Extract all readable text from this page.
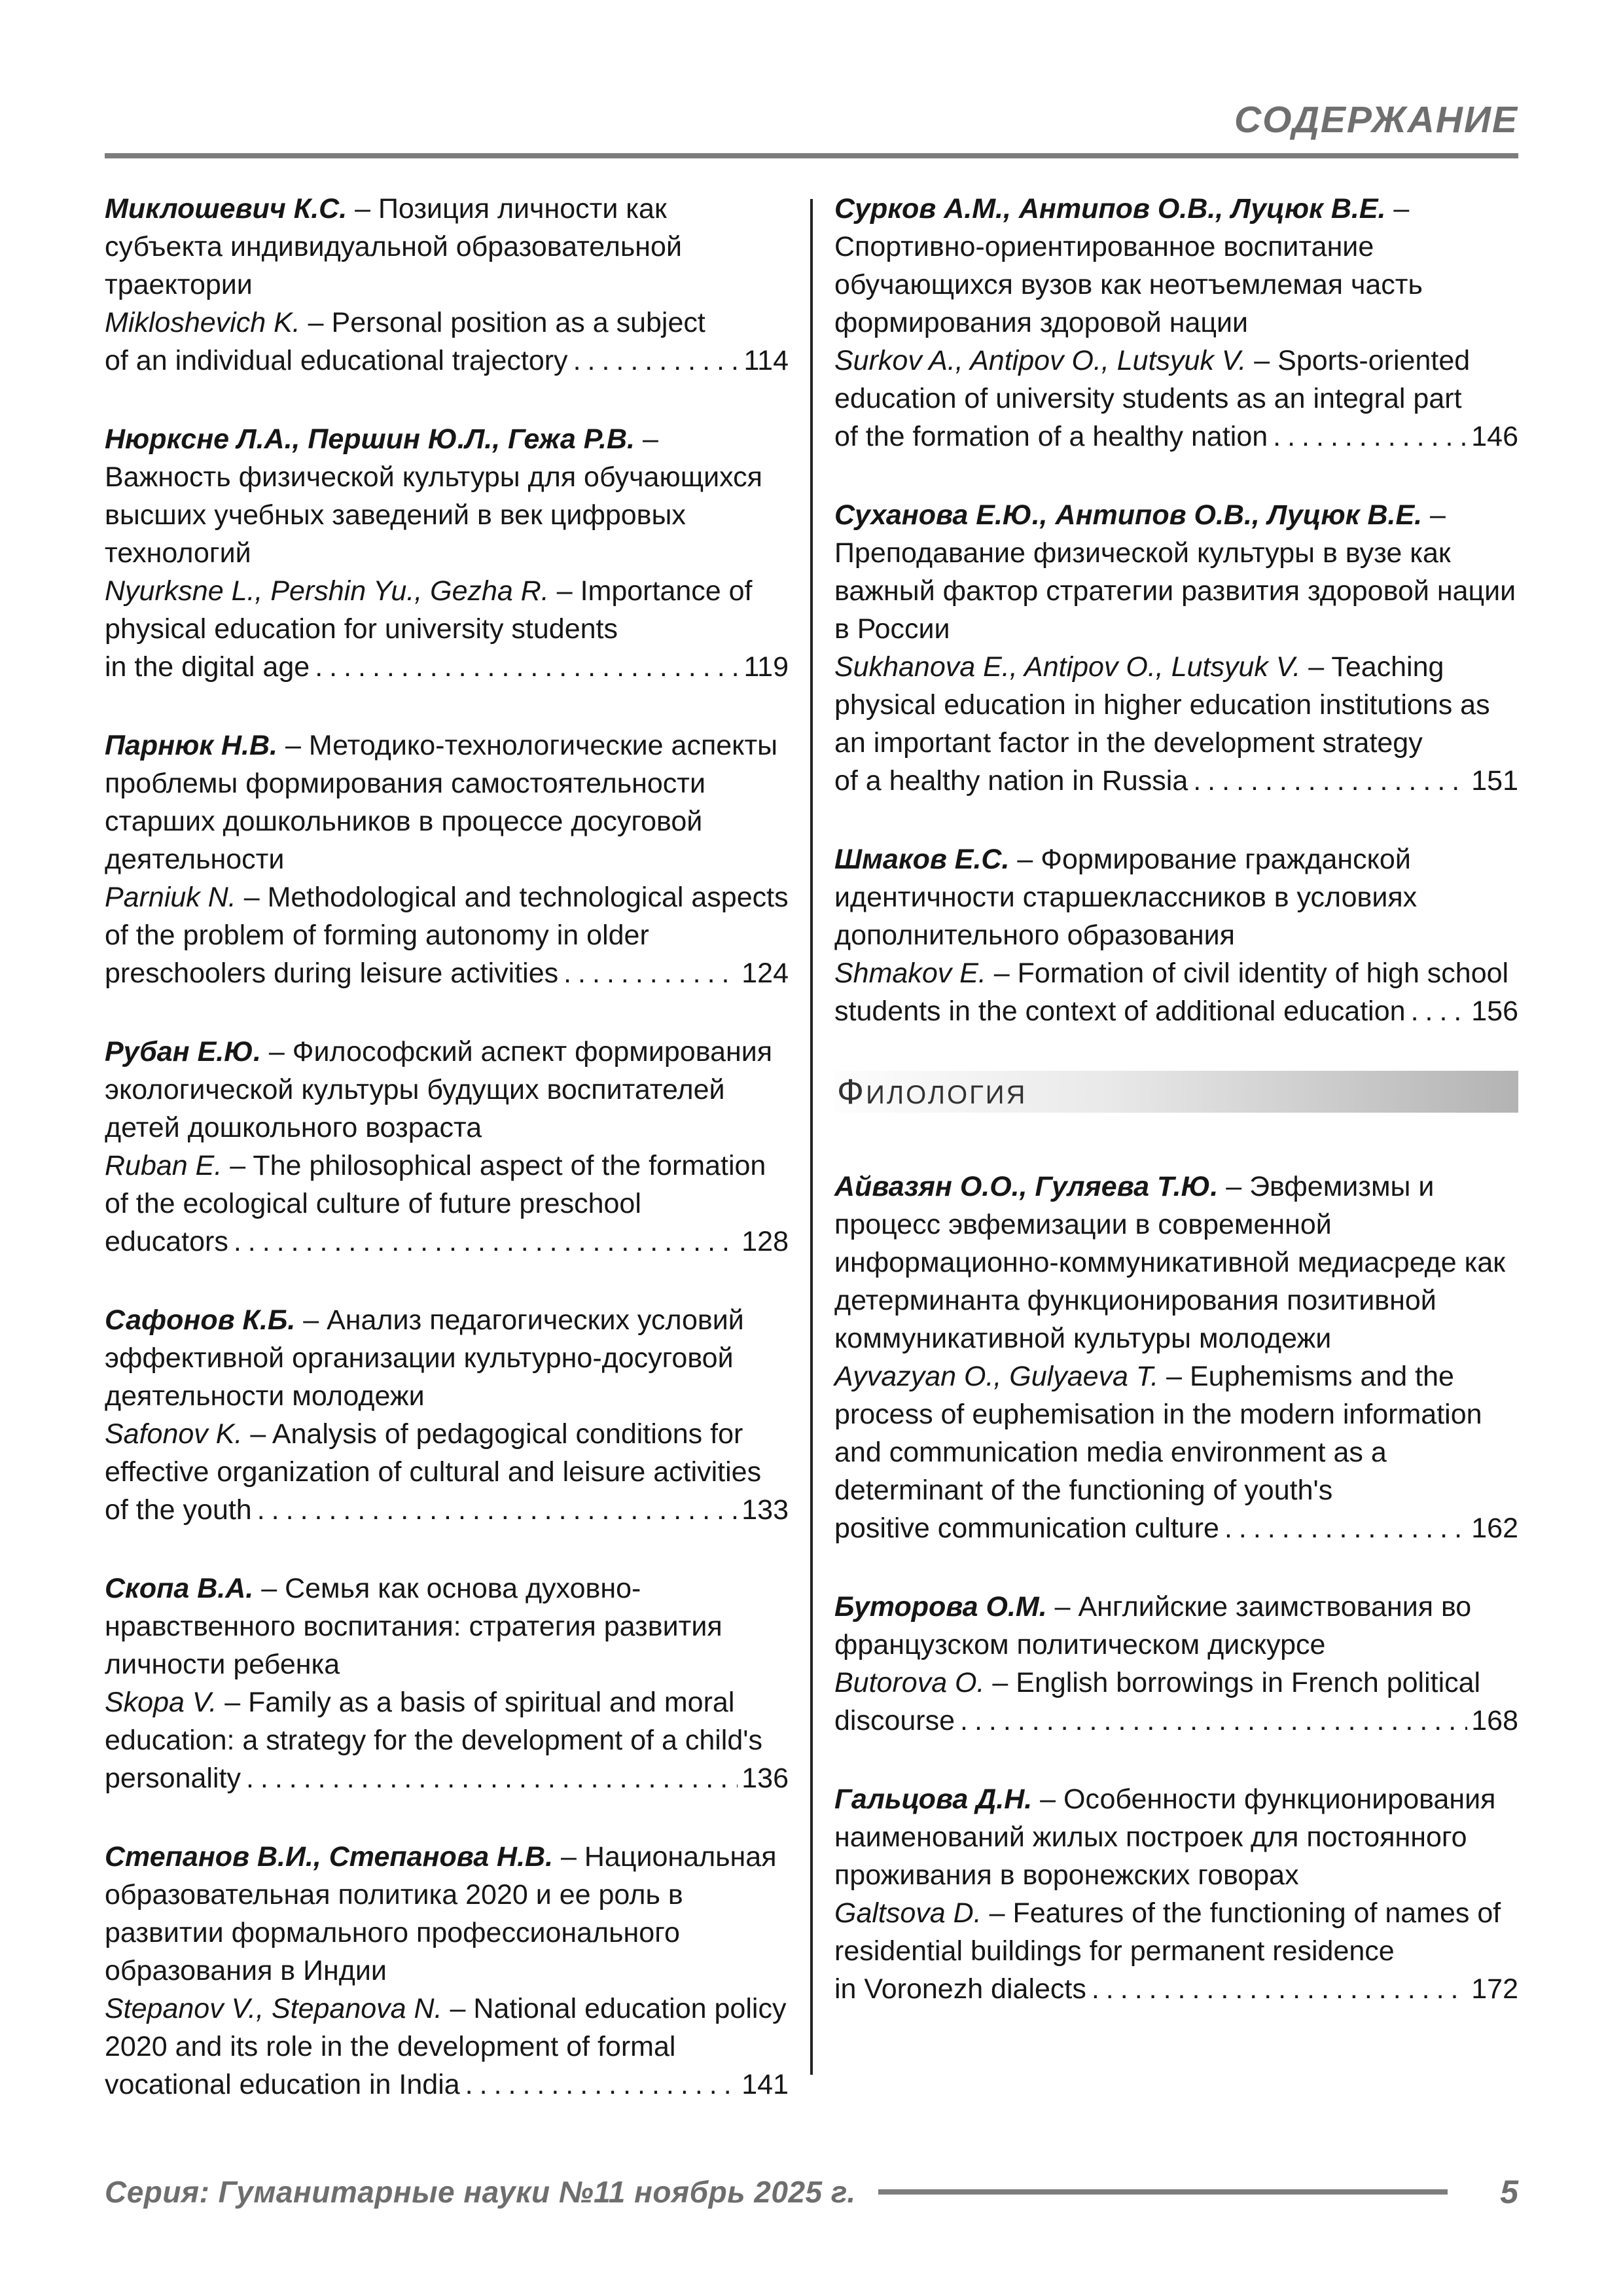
СОДЕРЖАНИЕ

Миклошевич К.С. – Позиция личности как субъекта индивидуальной образовательной траектории

Mikloshevich K. – Personal position as a subject

of an individual educational trajectory .....	114

Нюрксне Л.А., Першин Ю.Л., Гежа Р.В. – Важность физической культуры для обучающихся высших учебных заведений в век цифровых технологий

Nyurksne L., Pershin Yu., Gezha R. – Importance of physical education for university students

in the digital age .....	119

Парнюк Н.В. – Методико-технологические аспекты проблемы формирования самостоятельности старших дошкольников в процессе досуговой деятельности

Parniuk N. – Methodological and technological aspects of the problem of forming autonomy in older

preschoolers during leisure activities .....	124

Рубан Е.Ю. – Философский аспект формирования экологической культуры будущих воспитателей детей дошкольного возраста

Ruban E. – The philosophical aspect of the formation of the ecological culture of future preschool

educators .....	128

Сафонов К.Б. – Анализ педагогических условий эффективной организации культурно-досуговой деятельности молодежи

Safonov K. – Analysis of pedagogical conditions for effective organization of cultural and leisure activities

of the youth .....	133

Скопа В.А. – Семья как основа духовно-нравственного воспитания: стратегия развития личности ребенка

Skopa V. – Family as a basis of spiritual and moral education: a strategy for the development of a child's

personality .....	136

Степанов В.И., Степанова Н.В. – Национальная образовательная политика 2020 и ее роль в развитии формального профессионального образования в Индии

Stepanov V., Stepanova N. – National education policy 2020 and its role in the development of formal

vocational education in India .....	141

Сурков А.М., Антипов О.В., Луцюк В.Е. – Спортивно-ориентированное воспитание обучающихся вузов как неотъемлемая часть формирования здоровой нации

Surkov A., Antipov O., Lutsyuk V. – Sports-oriented education of university students as an integral part

of the formation of a healthy nation .....	146

Суханова Е.Ю., Антипов О.В., Луцюк В.Е. – Преподавание физической культуры в вузе как важный фактор стратегии развития здоровой нации в России

Sukhanova E., Antipov O., Lutsyuk V. – Teaching physical education in higher education institutions as an important factor in the development strategy

of a healthy nation in Russia .....	151

Шмаков Е.С. – Формирование гражданской идентичности старшеклассников в условиях дополнительного образования

Shmakov E. – Formation of civil identity of high school

students in the context of additional education ..... 156

ФИЛОЛОГИЯ

Айвазян О.О., Гуляева Т.Ю. – Эвфемизмы и процесс эвфемизации в современной информационно-коммуникативной медиасреде как детерминанта функционирования позитивной коммуникативной культуры молодежи

Ayvazyan O., Gulyaeva T. – Euphemisms and the process of euphemisation in the modern information and communication media environment as a determinant of the functioning of youth's

positive communication culture .....	162

Буторова О.М. – Английские заимствования во французском политическом дискурсе

Butorova O. – English borrowings in French political

discourse .....	168

Гальцова Д.Н. – Особенности функционирования наименований жилых построек для постоянного проживания в воронежских говорах

Galtsova D. – Features of the functioning of names of residential buildings for permanent residence

in Voronezh dialects .....	172

Серия: Гуманитарные науки №11 ноябрь 2025 г.	5
